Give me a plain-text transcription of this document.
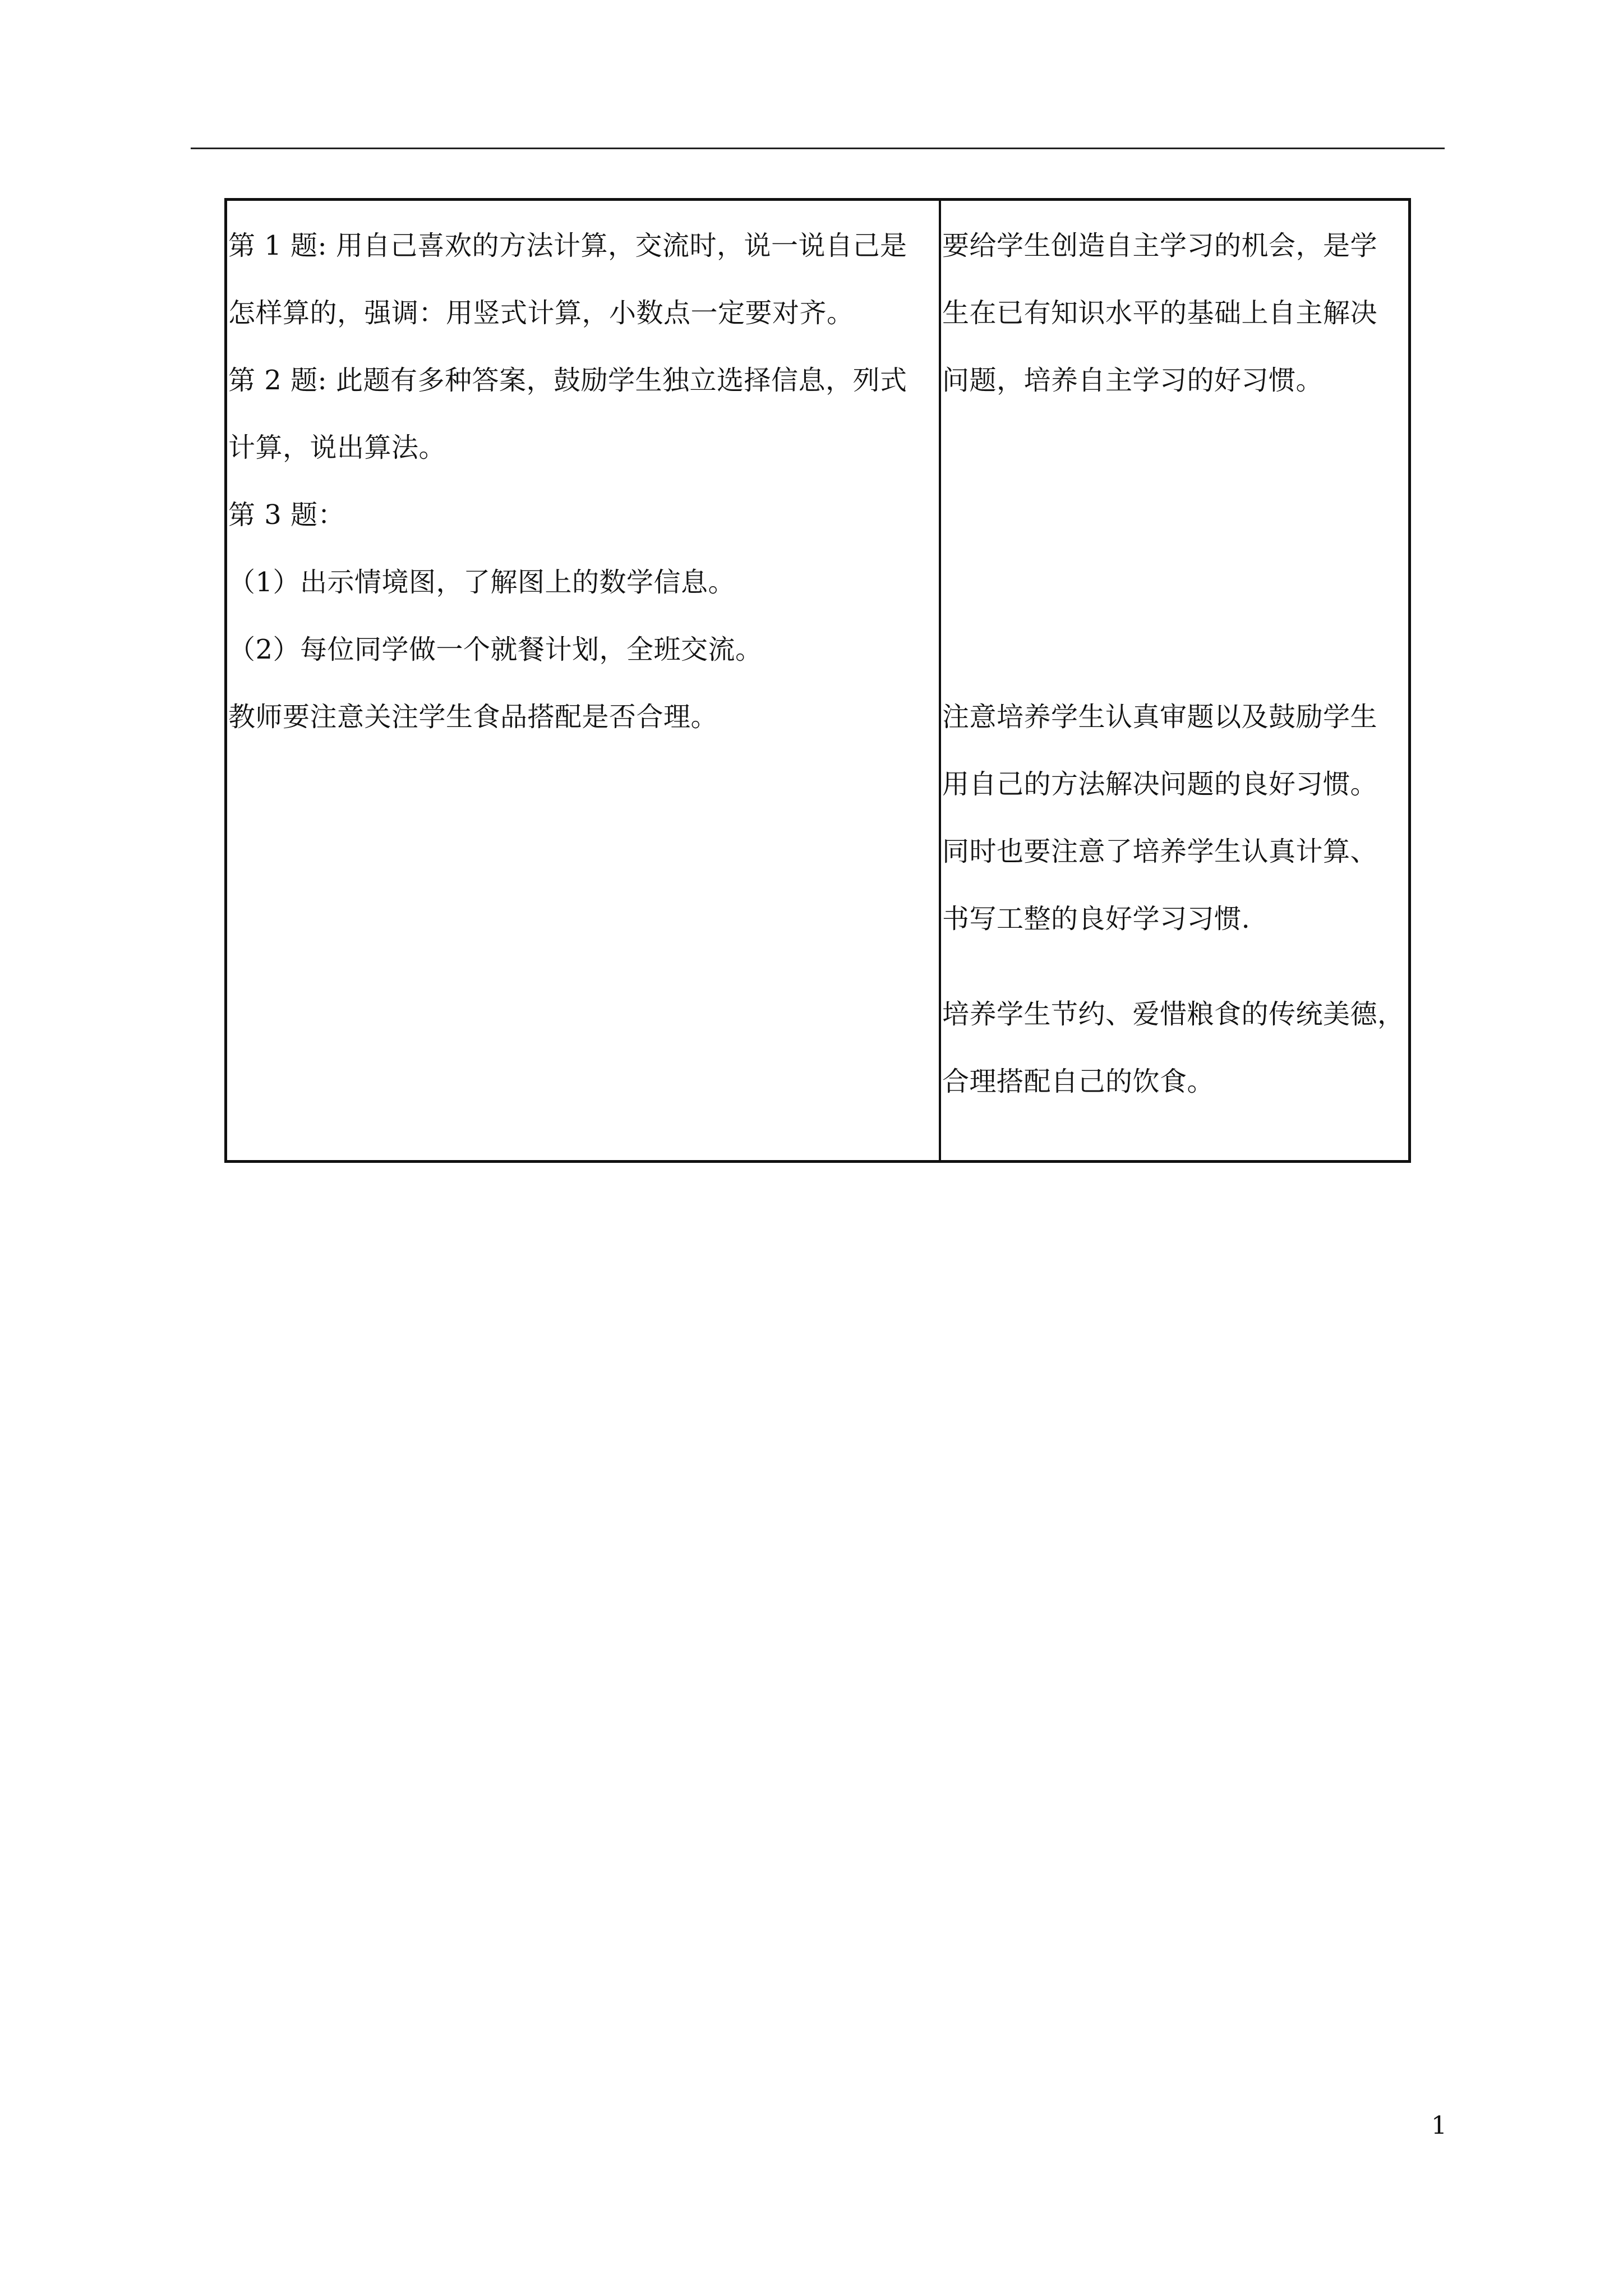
第 1 题: 用自己喜欢的方法计算，交流时，说一说自己是
怎样算的，强调：用竖式计算，小数点一定要对齐。
第 2 题: 此题有多种答案，鼓励学生独立选择信息，列式
计算，说出算法。
第 3 题：
（1）出示情境图，了解图上的数学信息。
（2）每位同学做一个就餐计划，全班交流。
教师要注意关注学生食品搭配是否合理。
要给学生创造自主学习的机会，是学
生在已有知识水平的基础上自主解决
问题，培养自主学习的好习惯。
注意培养学生认真审题以及鼓励学生
用自己的方法解决问题的良好习惯。
同时也要注意了培养学生认真计算、
书写工整的良好学习习惯.
培养学生节约、爱惜粮食的传统美德，
合理搭配自己的饮食。
1
